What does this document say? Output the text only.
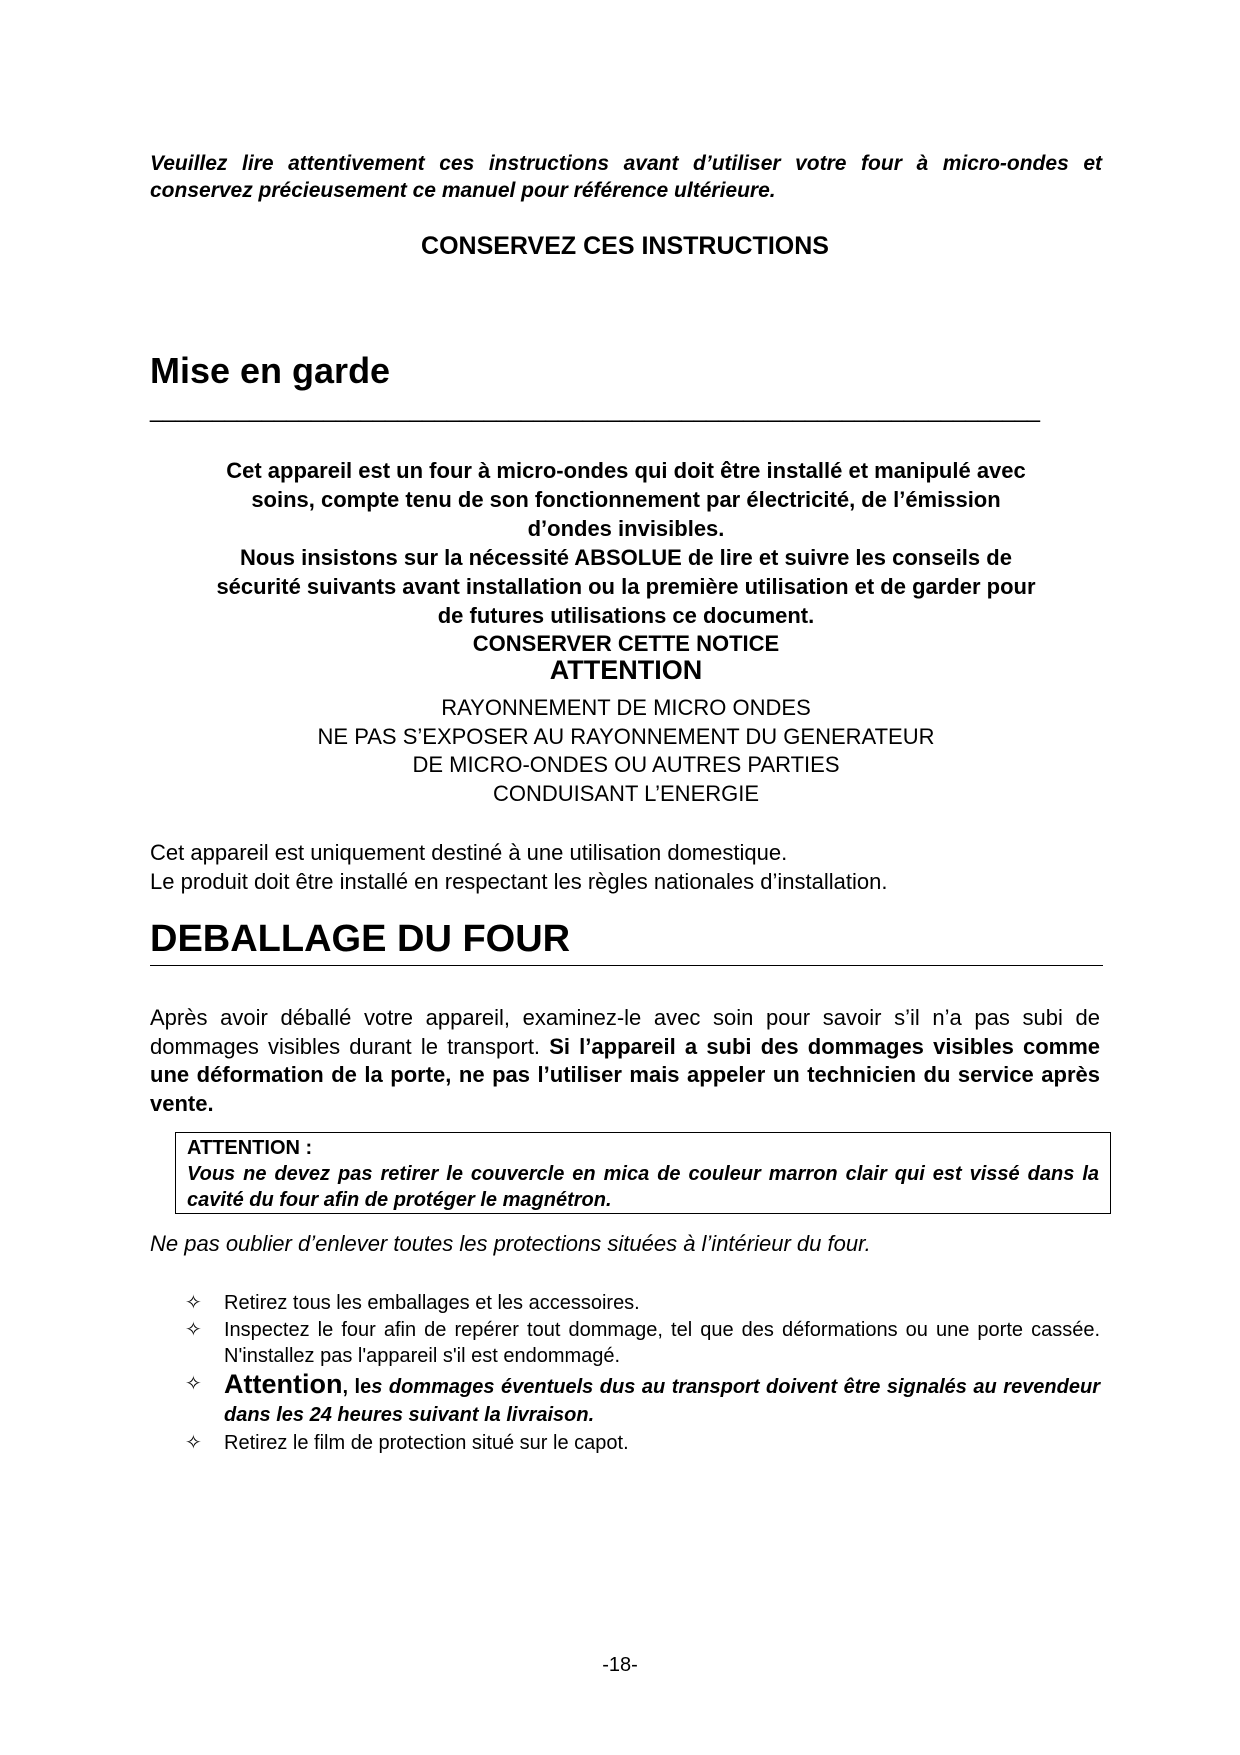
Veuillez lire attentivement ces instructions avant d’utiliser votre four à micro-ondes et conservez précieusement ce manuel pour référence ultérieure.
CONSERVEZ CES INSTRUCTIONS
Mise en garde
________________________________________________________________________
Cet appareil est un four à micro-ondes qui doit être installé et manipulé avec
soins, compte tenu de son fonctionnement par électricité, de l’émission
d’ondes invisibles.
Nous insistons sur la nécessité ABSOLUE de lire et suivre les conseils de
sécurité suivants avant installation ou la première utilisation et de garder pour
de futures utilisations ce document.
CONSERVER CETTE NOTICE
ATTENTION
RAYONNEMENT DE MICRO ONDES
NE PAS S’EXPOSER AU RAYONNEMENT DU GENERATEUR
DE MICRO-ONDES OU AUTRES PARTIES
CONDUISANT L’ENERGIE
Cet appareil est uniquement destiné à une utilisation domestique.
Le produit doit être installé en respectant les règles nationales d’installation.
DEBALLAGE DU FOUR
Après avoir déballé votre appareil, examinez-le avec soin pour savoir s’il n’a pas subi de dommages visibles durant le transport. Si l’appareil a subi des dommages visibles comme une déformation de la porte, ne pas l’utiliser mais appeler un technicien du service après vente.
ATTENTION :
Vous ne devez pas retirer le couvercle en mica de couleur marron clair qui est vissé dans la cavité du four afin de protéger le magnétron.
Ne pas oublier d’enlever toutes les protections situées à l’intérieur du four.
✧	Retirez tous les emballages et les accessoires.
✧	Inspectez le four afin de repérer tout dommage, tel que des déformations ou une porte cassée. N'installez pas l'appareil s'il est endommagé.
✧ Attention, les dommages éventuels dus au transport doivent être signalés au revendeur dans les 24 heures suivant la livraison.
✧	Retirez le film de protection situé sur le capot.
-18-
